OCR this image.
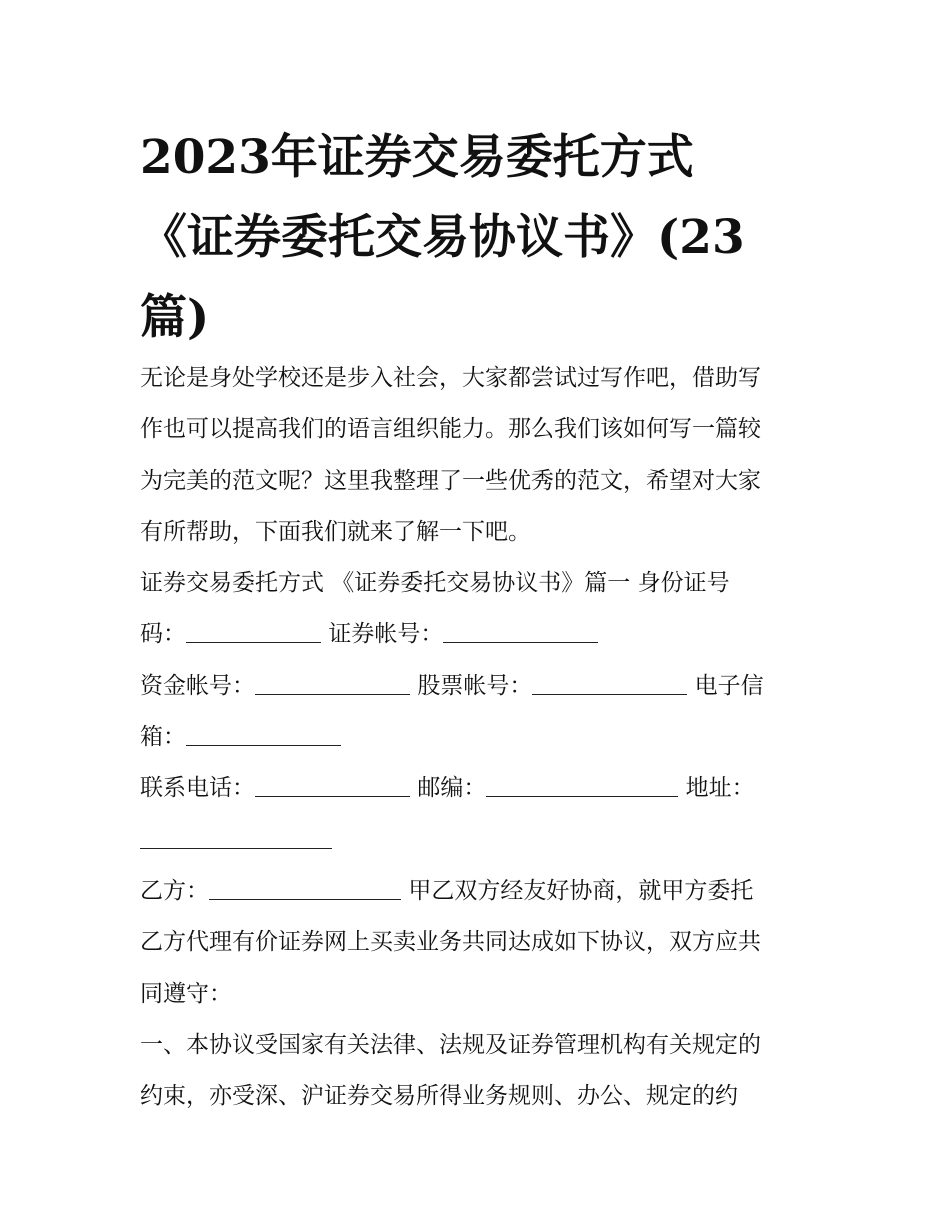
2023年证券交易委托方式
《证券委托交易协议书》(23
篇)
无论是身处学校还是步入社会，大家都尝试过写作吧，借助写
作也可以提高我们的语言组织能力。那么我们该如何写一篇较
为完美的范文呢？这里我整理了一些优秀的范文，希望对大家
有所帮助，下面我们就来了解一下吧。
证券交易委托方式 《证券委托交易协议书》篇一 身份证号
码：	证券帐号：
资金帐号：	股票帐号：	电子信
箱：
联系电话：	邮编：	地址：
乙方：	甲乙双方经友好协商，就甲方委托
乙方代理有价证券网上买卖业务共同达成如下协议，双方应共
同遵守：
一、本协议受国家有关法律、法规及证券管理机构有关规定的
约束，亦受深、沪证券交易所得业务规则、办公、规定的约
